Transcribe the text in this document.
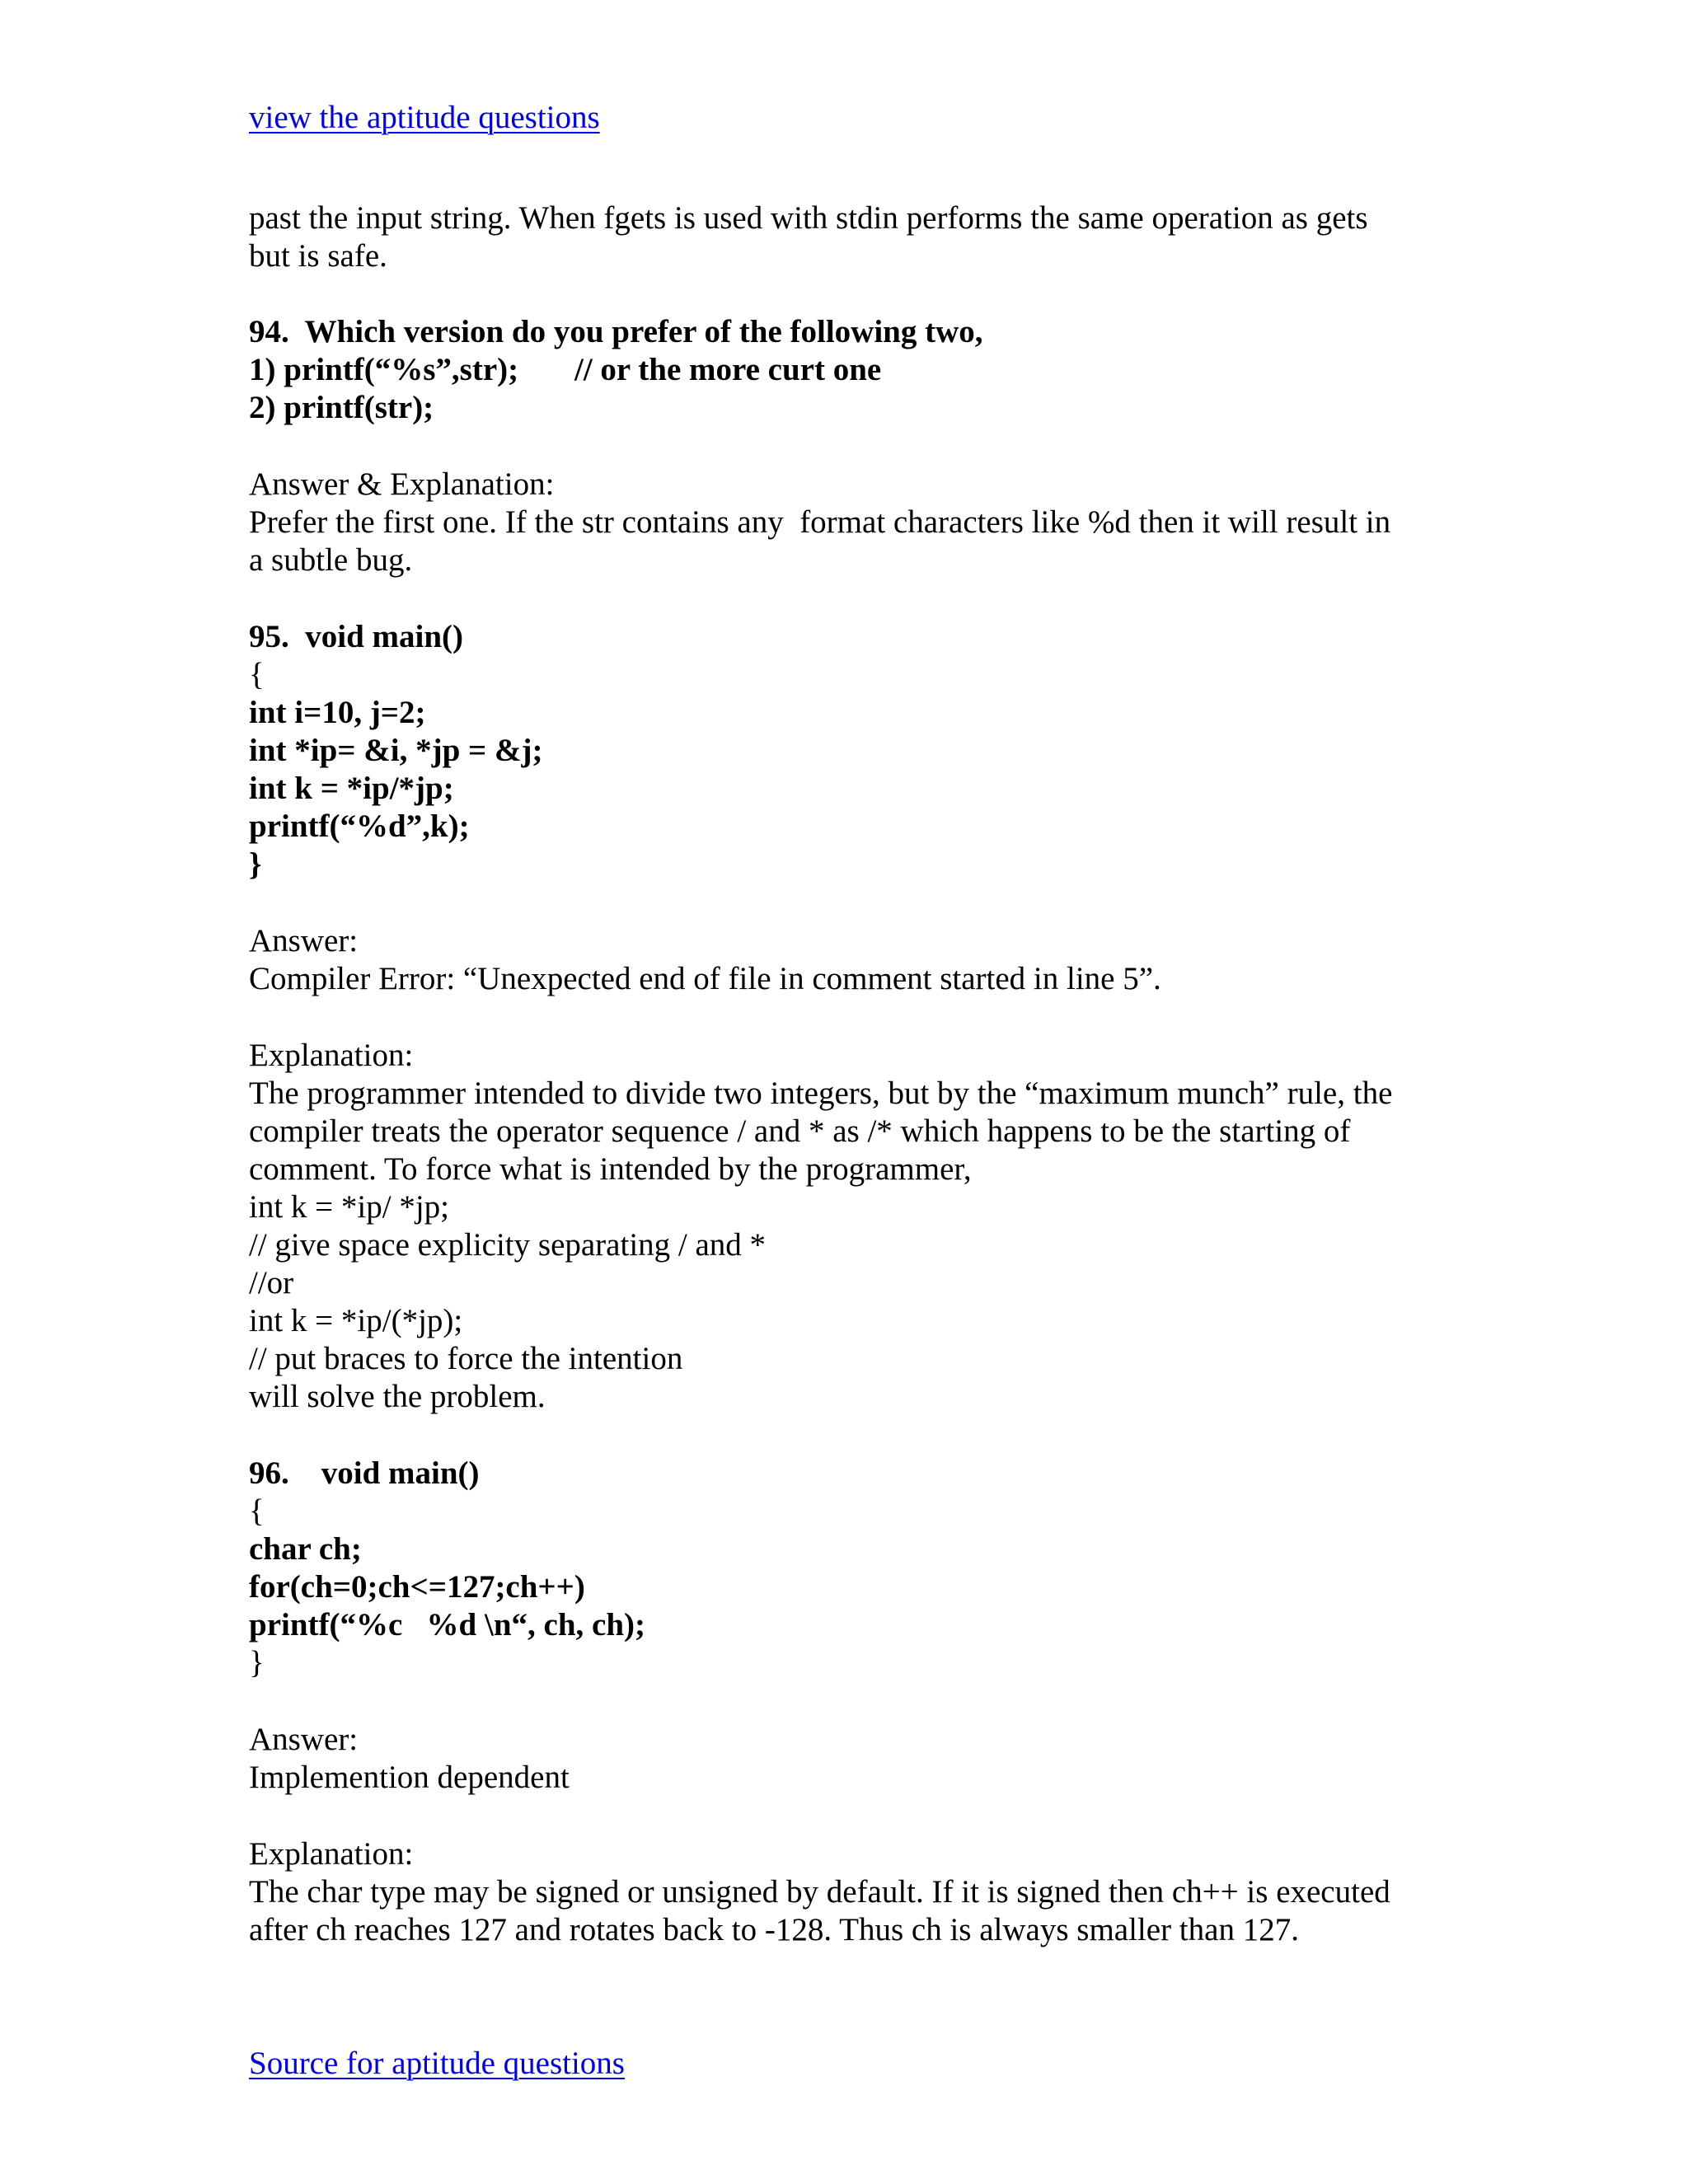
view the aptitude questions
past the input string. When fgets is used with stdin performs the same operation as gets
but is safe.
94.  Which version do you prefer of the following two,
1) printf(“%s”,str); // or the more curt one
2) printf(str);
Answer & Explanation:
Prefer the first one. If the str contains any  format characters like %d then it will result in
a subtle bug.
95.  void main()
{
int i=10, j=2;
int *ip= &i, *jp = &j;
int k = *ip/*jp;
printf(“%d”,k);
}
Answer:
Compiler Error: “Unexpected end of file in comment started in line 5”.
Explanation:
The programmer intended to divide two integers, but by the “maximum munch” rule, the
compiler treats the operator sequence / and * as /* which happens to be the starting of
comment. To force what is intended by the programmer,
int k = *ip/ *jp;
// give space explicity separating / and *
//or
int k = *ip/(*jp);
// put braces to force the intention
will solve the problem.
96.    void main()
{
char ch;
for(ch=0;ch<=127;ch++)
printf(“%c   %d \n“, ch, ch);
}
Answer:
Implemention dependent
Explanation:
The char type may be signed or unsigned by default. If it is signed then ch++ is executed
after ch reaches 127 and rotates back to -128. Thus ch is always smaller than 127.
Source for aptitude questions
